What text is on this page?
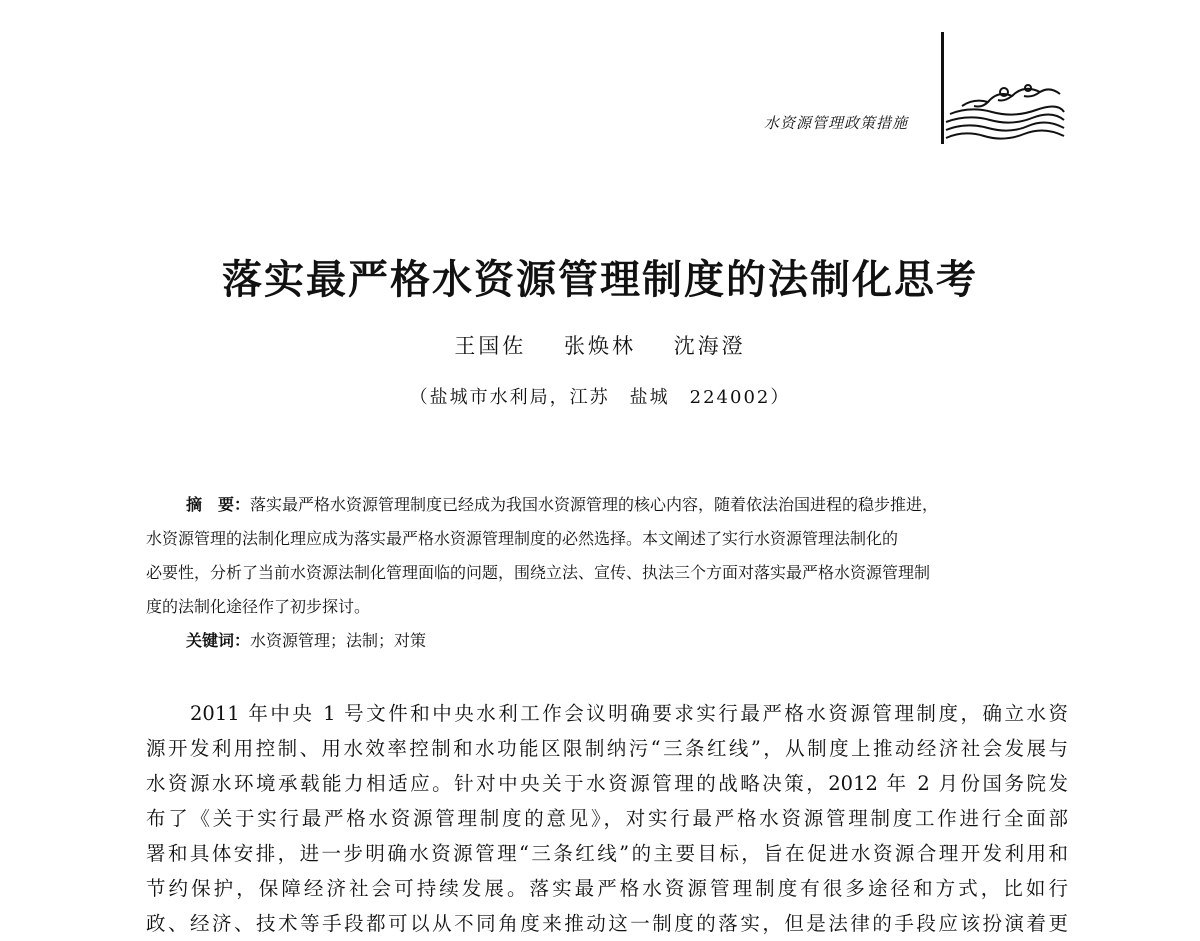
水资源管理政策措施
落实最严格水资源管理制度的法制化思考
王国佐 张焕林 沈海澄
（盐城市水利局，江苏　盐城　224002）
摘　要：落实最严格水资源管理制度已经成为我国水资源管理的核心内容，随着依法治国进程的稳步推进，
水资源管理的法制化理应成为落实最严格水资源管理制度的必然选择。本文阐述了实行水资源管理法制化的
必要性，分析了当前水资源法制化管理面临的问题，围绕立法、宣传、执法三个方面对落实最严格水资源管理制
度的法制化途径作了初步探讨。
关键词：水资源管理；法制；对策
2011 年中央 1 号文件和中央水利工作会议明确要求实行最严格水资源管理制度，确立水资
源开发利用控制、用水效率控制和水功能区限制纳污“三条红线”，从制度上推动经济社会发展与
水资源水环境承载能力相适应。针对中央关于水资源管理的战略决策，2012 年 2 月份国务院发
布了《关于实行最严格水资源管理制度的意见》，对实行最严格水资源管理制度工作进行全面部
署和具体安排，进一步明确水资源管理“三条红线”的主要目标，旨在促进水资源合理开发利用和
节约保护，保障经济社会可持续发展。落实最严格水资源管理制度有很多途径和方式，比如行
政、经济、技术等手段都可以从不同角度来推动这一制度的落实，但是法律的手段应该扮演着更
